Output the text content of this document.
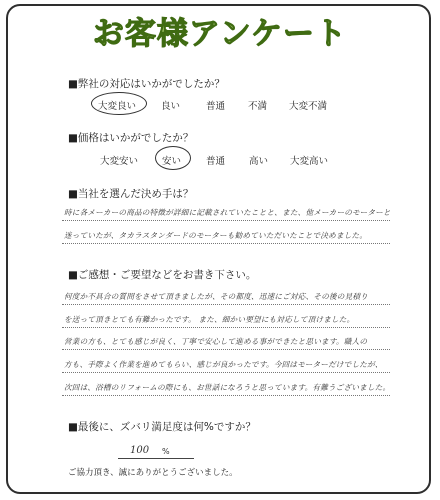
お客様アンケート
■弊社の対応はいかがでしたか？
大変良い	良い	普通 不満 大変不満
■価格はいかがでしたか？
大変安い	安い	普通	高い 大変高い
■当社を選んだ決め手は？
時に各メーカーの商品の特徴が詳細に記載されていたことと、また、他メーカーのモーターと
迷っていたが、タカラスタンダードのモーターも勧めていただいたことで決めました。
■ご感想・ご要望などをお書き下さい。
何度か不具合の質問をさせて頂きましたが、その都度、迅速にご対応、その後の見積り
を送って頂きとても有難かったです。 また、細かい要望にも対応して頂けました。
営業の方も、とても感じが良く、丁寧で安心して進める事ができたと思います。職人の
方も、手際よく作業を進めてもらい、感じが良かったです。今回はモーターだけでしたが、
次回は、浴槽のリフォームの際にも、お世話になろうと思っています。有難うございました。
■最後に、ズバリ満足度は何%ですか？
100 %
ご協力頂き、誠にありがとうございました。
